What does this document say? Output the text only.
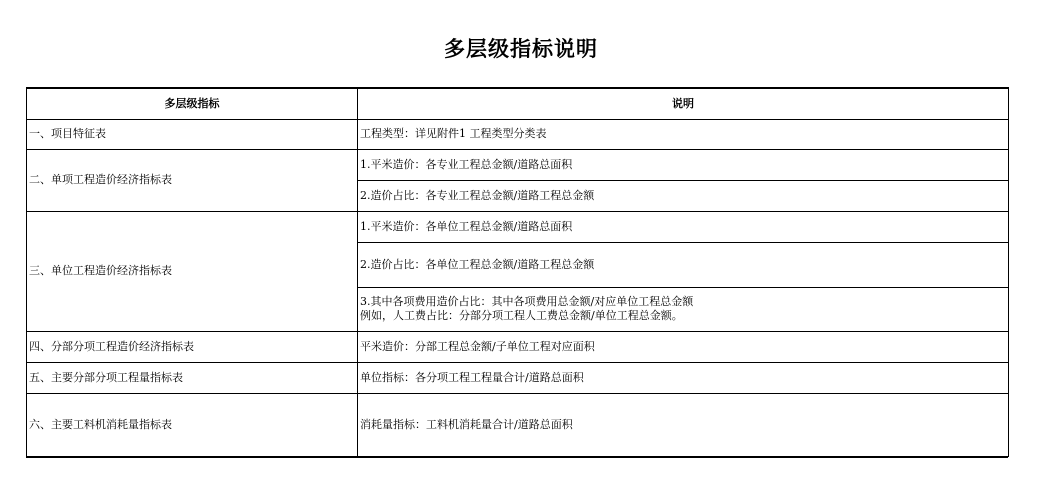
多层级指标说明
多层级指标	说明
一、项目特征表	工程类型：详见附件1 工程类型分类表

二、单项工程造价经济指标表	1.平米造价：各专业工程总金额/道路总面积

	2.造价占比：各专业工程总金额/道路工程总金额

三、单位工程造价经济指标表	1.平米造价：各单位工程总金额/道路总面积

	2.造价占比：各单位工程总金额/道路工程总金额

	3.其中各项费用造价占比：其中各项费用总金额/对应单位工程总金额
例如，人工费占比：分部分项工程人工费总金额/单位工程总金额。

四、分部分项工程造价经济指标表	平米造价：分部工程总金额/子单位工程对应面积

五、主要分部分项工程量指标表	单位指标：各分项工程工程量合计/道路总面积

六、主要工料机消耗量指标表	消耗量指标：工料机消耗量合计/道路总面积
